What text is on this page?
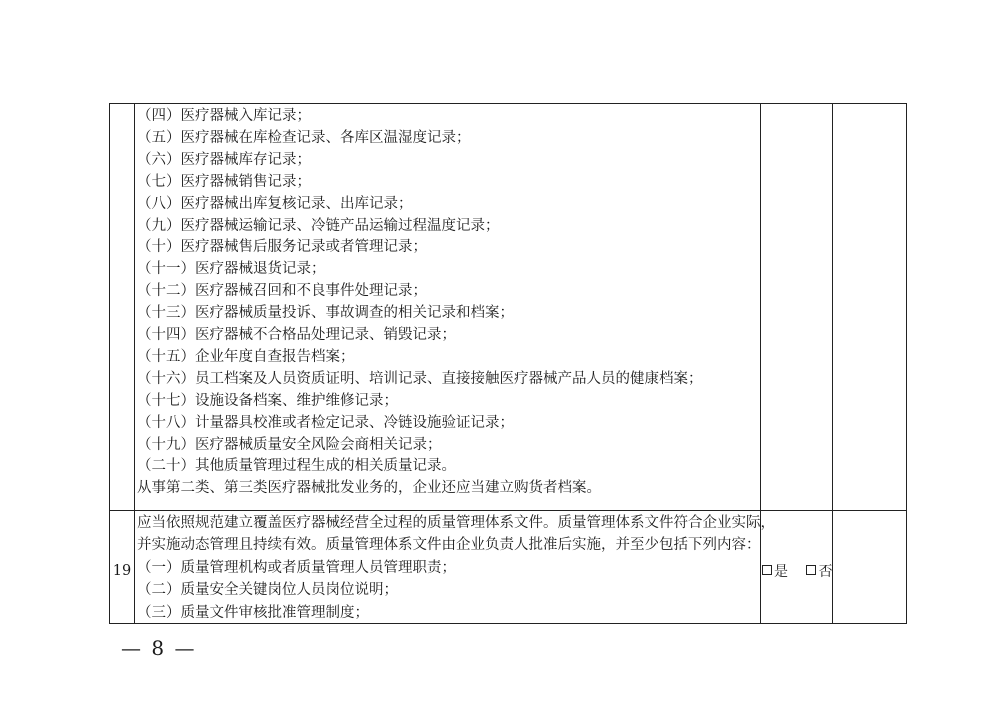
（四）医疗器械入库记录；
（五）医疗器械在库检查记录、各库区温湿度记录；
（六）医疗器械库存记录；
（七）医疗器械销售记录；
（八）医疗器械出库复核记录、出库记录；
（九）医疗器械运输记录、冷链产品运输过程温度记录；
（十）医疗器械售后服务记录或者管理记录；
（十一）医疗器械退货记录；
（十二）医疗器械召回和不良事件处理记录；
（十三）医疗器械质量投诉、事故调查的相关记录和档案；
（十四）医疗器械不合格品处理记录、销毁记录；
（十五）企业年度自查报告档案；
（十六）员工档案及人员资质证明、培训记录、直接接触医疗器械产品人员的健康档案；
（十七）设施设备档案、维护维修记录；
（十八）计量器具校准或者检定记录、冷链设施验证记录；
（十九）医疗器械质量安全风险会商相关记录；
（二十）其他质量管理过程生成的相关质量记录。
从事第二类、第三类医疗器械批发业务的，企业还应当建立购货者档案。
19
应当依照规范建立覆盖医疗器械经营全过程的质量管理体系文件。质量管理体系文件符合企业实际，
并实施动态管理且持续有效。质量管理体系文件由企业负责人批准后实施，并至少包括下列内容：
（一）质量管理机构或者质量管理人员管理职责；
（二）质量安全关键岗位人员岗位说明；
（三）质量文件审核批准管理制度；
是 否
— 8 —
